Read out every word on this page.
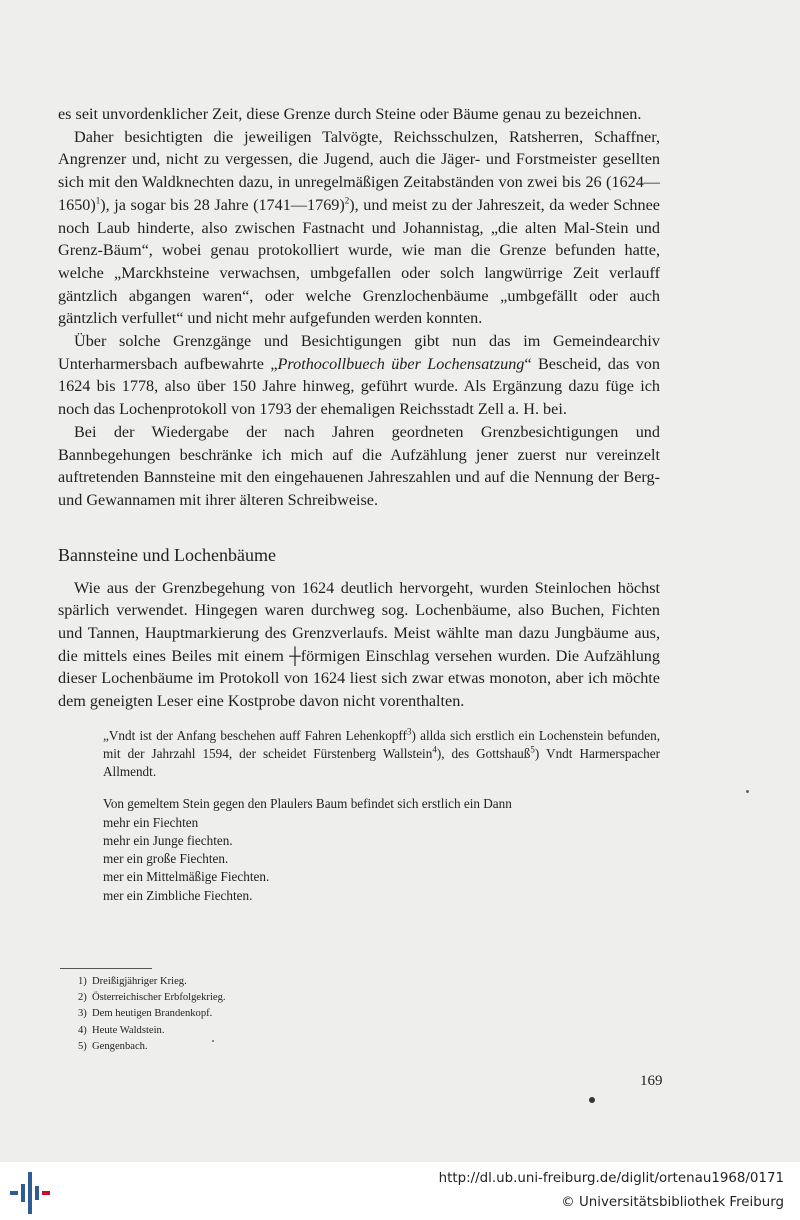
es seit unvordenklicher Zeit, diese Grenze durch Steine oder Bäume genau zu bezeichnen.

Daher besichtigten die jeweiligen Talvögte, Reichsschulzen, Ratsherren, Schaffner, Angrenzer und, nicht zu vergessen, die Jugend, auch die Jäger- und Forstmeister gesellten sich mit den Waldknechten dazu, in unregelmäßigen Zeitabständen von zwei bis 26 (1624—1650)$^1$), ja sogar bis 28 Jahre (1741—1769)$^2$), und meist zu der Jahreszeit, da weder Schnee noch Laub hinderte, also zwischen Fastnacht und Johannistag, „die alten Mal-Stein und Grenz-Bäum“, wobei genau protokolliert wurde, wie man die Grenze befunden hatte, welche „Marckhsteine verwachsen, umbgefallen oder solch langwürrige Zeit verlauff gäntzlich abgangen waren“, oder welche Grenzlochenbäume „umbgefällt oder auch gäntzlich verfullet“ und nicht mehr aufgefunden werden konnten.

Über solche Grenzgänge und Besichtigungen gibt nun das im Gemeindearchiv Unterharmersbach aufbewahrte „Prothocollbuech über Lochensatzung“ Bescheid, das von 1624 bis 1778, also über 150 Jahre hinweg, geführt wurde. Als Ergänzung dazu füge ich noch das Lochenprotokoll von 1793 der ehemaligen Reichsstadt Zell a. H. bei.

Bei der Wiedergabe der nach Jahren geordneten Grenzbesichtigungen und Bannbegehungen beschränke ich mich auf die Aufzählung jener zuerst nur vereinzelt auftretenden Bannsteine mit den eingehauenen Jahreszahlen und auf die Nennung der Berg- und Gewannamen mit ihrer älteren Schreibweise.

Bannsteine und Lochenbäume

Wie aus der Grenzbegehung von 1624 deutlich hervorgeht, wurden Steinlochen höchst spärlich verwendet. Hingegen waren durchweg sog. Lochenbäume, also Buchen, Fichten und Tannen, Hauptmarkierung des Grenzverlaufs. Meist wählte man dazu Jungbäume aus, die mittels eines Beiles mit einem ┼förmigen Einschlag versehen wurden. Die Aufzählung dieser Lochenbäume im Protokoll von 1624 liest sich zwar etwas monoton, aber ich möchte dem geneigten Leser eine Kostprobe davon nicht vorenthalten.

„Vndt ist der Anfang beschehen auff Fahren Lehenkopff$^3$) allda sich erstlich ein Lochenstein befunden, mit der Jahrzahl 1594, der scheidet Fürstenberg Wallstein$^4$), des Gottshauß$^5$) Vndt Harmerspacher Allmendt.

Von gemeltem Stein gegen den Plaulers Baum befindet sich erstlich ein Dann
mehr ein Fiechten
mehr ein Junge fiechten.
mer ein große Fiechten.
mer ein Mittelmäßige Fiechten.
mer ein Zimbliche Fiechten.
1) Dreißigjähriger Krieg.
2) Österreichischer Erbfolgekrieg.
3) Dem heutigen Brandenkopf.
4) Heute Waldstein.
5) Gengenbach.
169
http://dl.ub.uni-freiburg.de/diglit/ortenau1968/0171
© Universitätsbibliothek Freiburg
